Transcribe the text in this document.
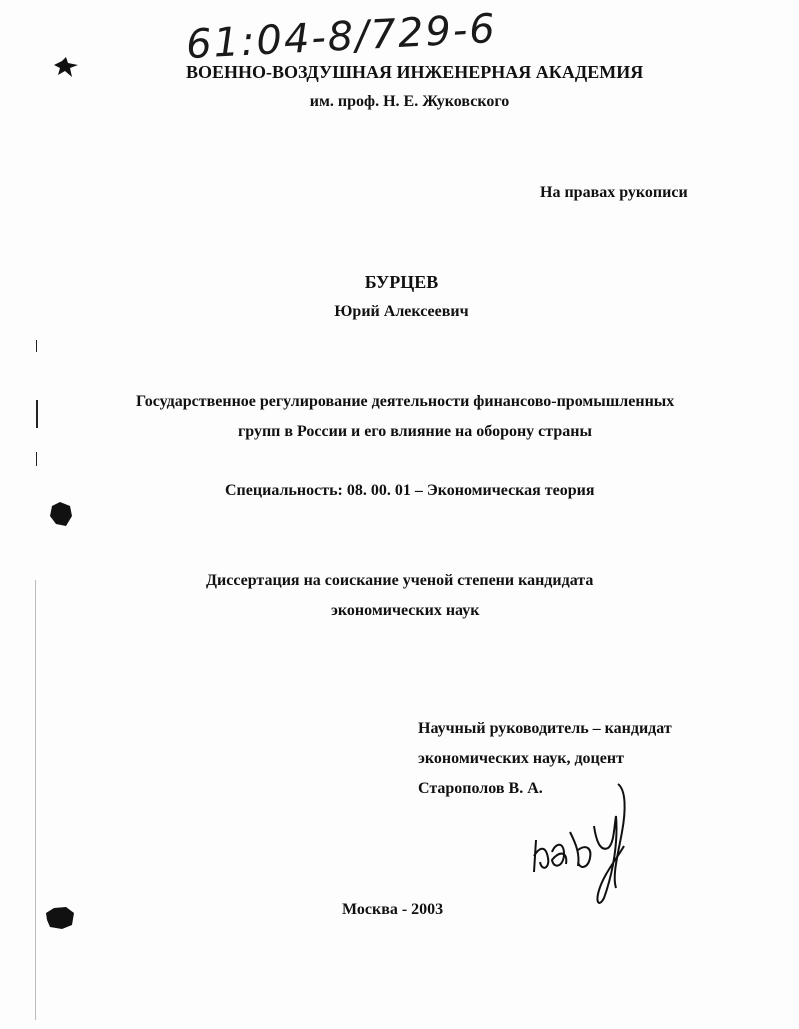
61:04-8/729-6
ВОЕННО-ВОЗДУШНАЯ ИНЖЕНЕРНАЯ АКАДЕМИЯ
им. проф. Н. Е. Жуковского
На правах рукописи
БУРЦЕВ
Юрий Алексеевич
Государственное регулирование деятельности финансово-промышленных
групп в России и его влияние на оборону страны
Специальность: 08. 00. 01 – Экономическая теория
Диссертация на соискание ученой степени кандидата
экономических наук
Научный руководитель – кандидат
экономических наук, доцент
Старополов В. А.
Москва - 2003
